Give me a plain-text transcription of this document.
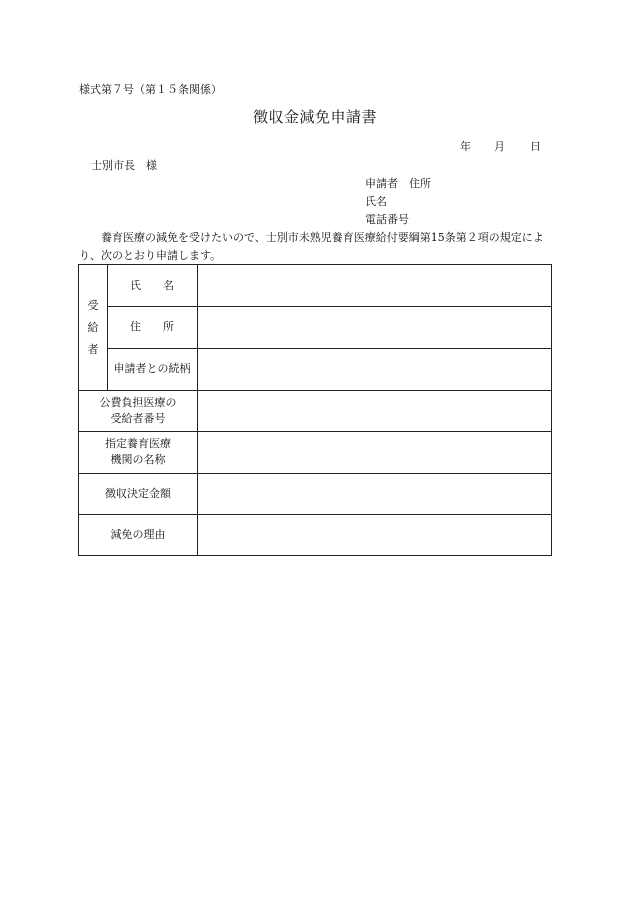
様式第７号（第１５条関係）
徴収金減免申請書
年 月 日
士別市長　様
申請者　住所
氏名
電話番号
養育医療の減免を受けたいので、士別市未熟児養育医療給付要綱第15条第２項の規定により、次のとおり申請します。
受給者
氏　　名
住　　所
申請者との続柄
公費負担医療の
受給者番号
指定養育医療
機関の名称
徴収決定金額
減免の理由
